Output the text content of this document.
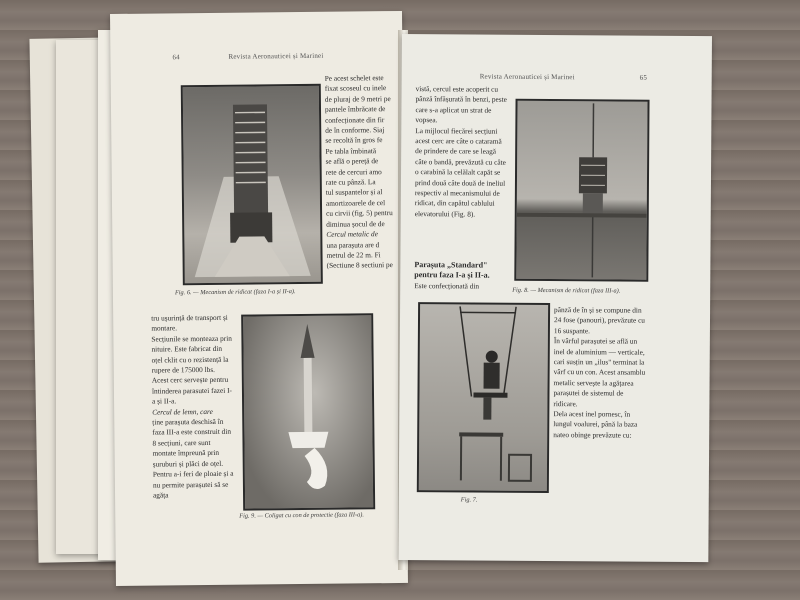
64	Revista Aeronauticei și Marinei
Fig. 6. — Mecanism de ridicat (faza I-a și II-a).

Pe acest schelet este

fixat scoseul cu inele

de pluraj de 9 metri pe

pantele îmbrăcate de

confecționate din fir

de în conforme. Siaj

se recoltă în gros fe

Pe tabla îmbinată

se află o pereță de

rete de cercuri amo

rate cu pânză. La

tul suspantelor și al

amortizoarele de cel

cu cirvii (fig. 5) pentru

diminua șocul de de

Cercul metalic de

una parașuta are d

metrul de 22 m. Fi

(Sectiune 8 sectiuni pe

tru ușurință de transport și montare.

Secțiunile se monteaza prin nituire. Este fabricat din oțel cklit cu o rezistență la rupere de 175000 lbs.

Acest cerc servește pentru întinderea parasutei fazei I-a și II-a.

Cercul de lemn, care

ține parașuta deschisă în faza III-a este construit din 8 secțiuni, care sunt montate împreună prin șuruburi și plăci de oțel. Pentru a-i feri de ploaie și a nu permite parașutei să se agăța

Fig. 9. — Coligat cu con de protectie (faza III-a).
Revista Aeronauticei și Marinei	65

vistă, cercul este acoperit cu pânză înfășurată în benzi, peste care s-a aplicat un strat de vopsea.

La mijlocul fiecărei secțiuni acest cerc are câte o cataramă de prindere de care se leagă câte o bandă, prevăzută cu câte o carabină la celălalt capăt se prind două câte două de ineliul respectiv al mecanismului de ridicat, din capătul cablului elevatorului (Fig. 8).

Parașuta „Standard" pentru faza I-a și II-a.

Este confecționată din

Fig. 8. — Mecanism de ridicat (faza III-a).
Fig. 7.

pânză de în și se compune din 24 fose (panouri), prevăzute cu 16 suspante.

În vârful parașutei se află un inel de aluminium — verticale, cari susțin un „ilus" terminat la vârf cu un con. Acest ansamblu metalic servește la agățarea parașutei de sistemul de ridicare.

Dela acest inel pornesc, în lungul voalurei, până la baza nateo obinge prevăzute cu:
